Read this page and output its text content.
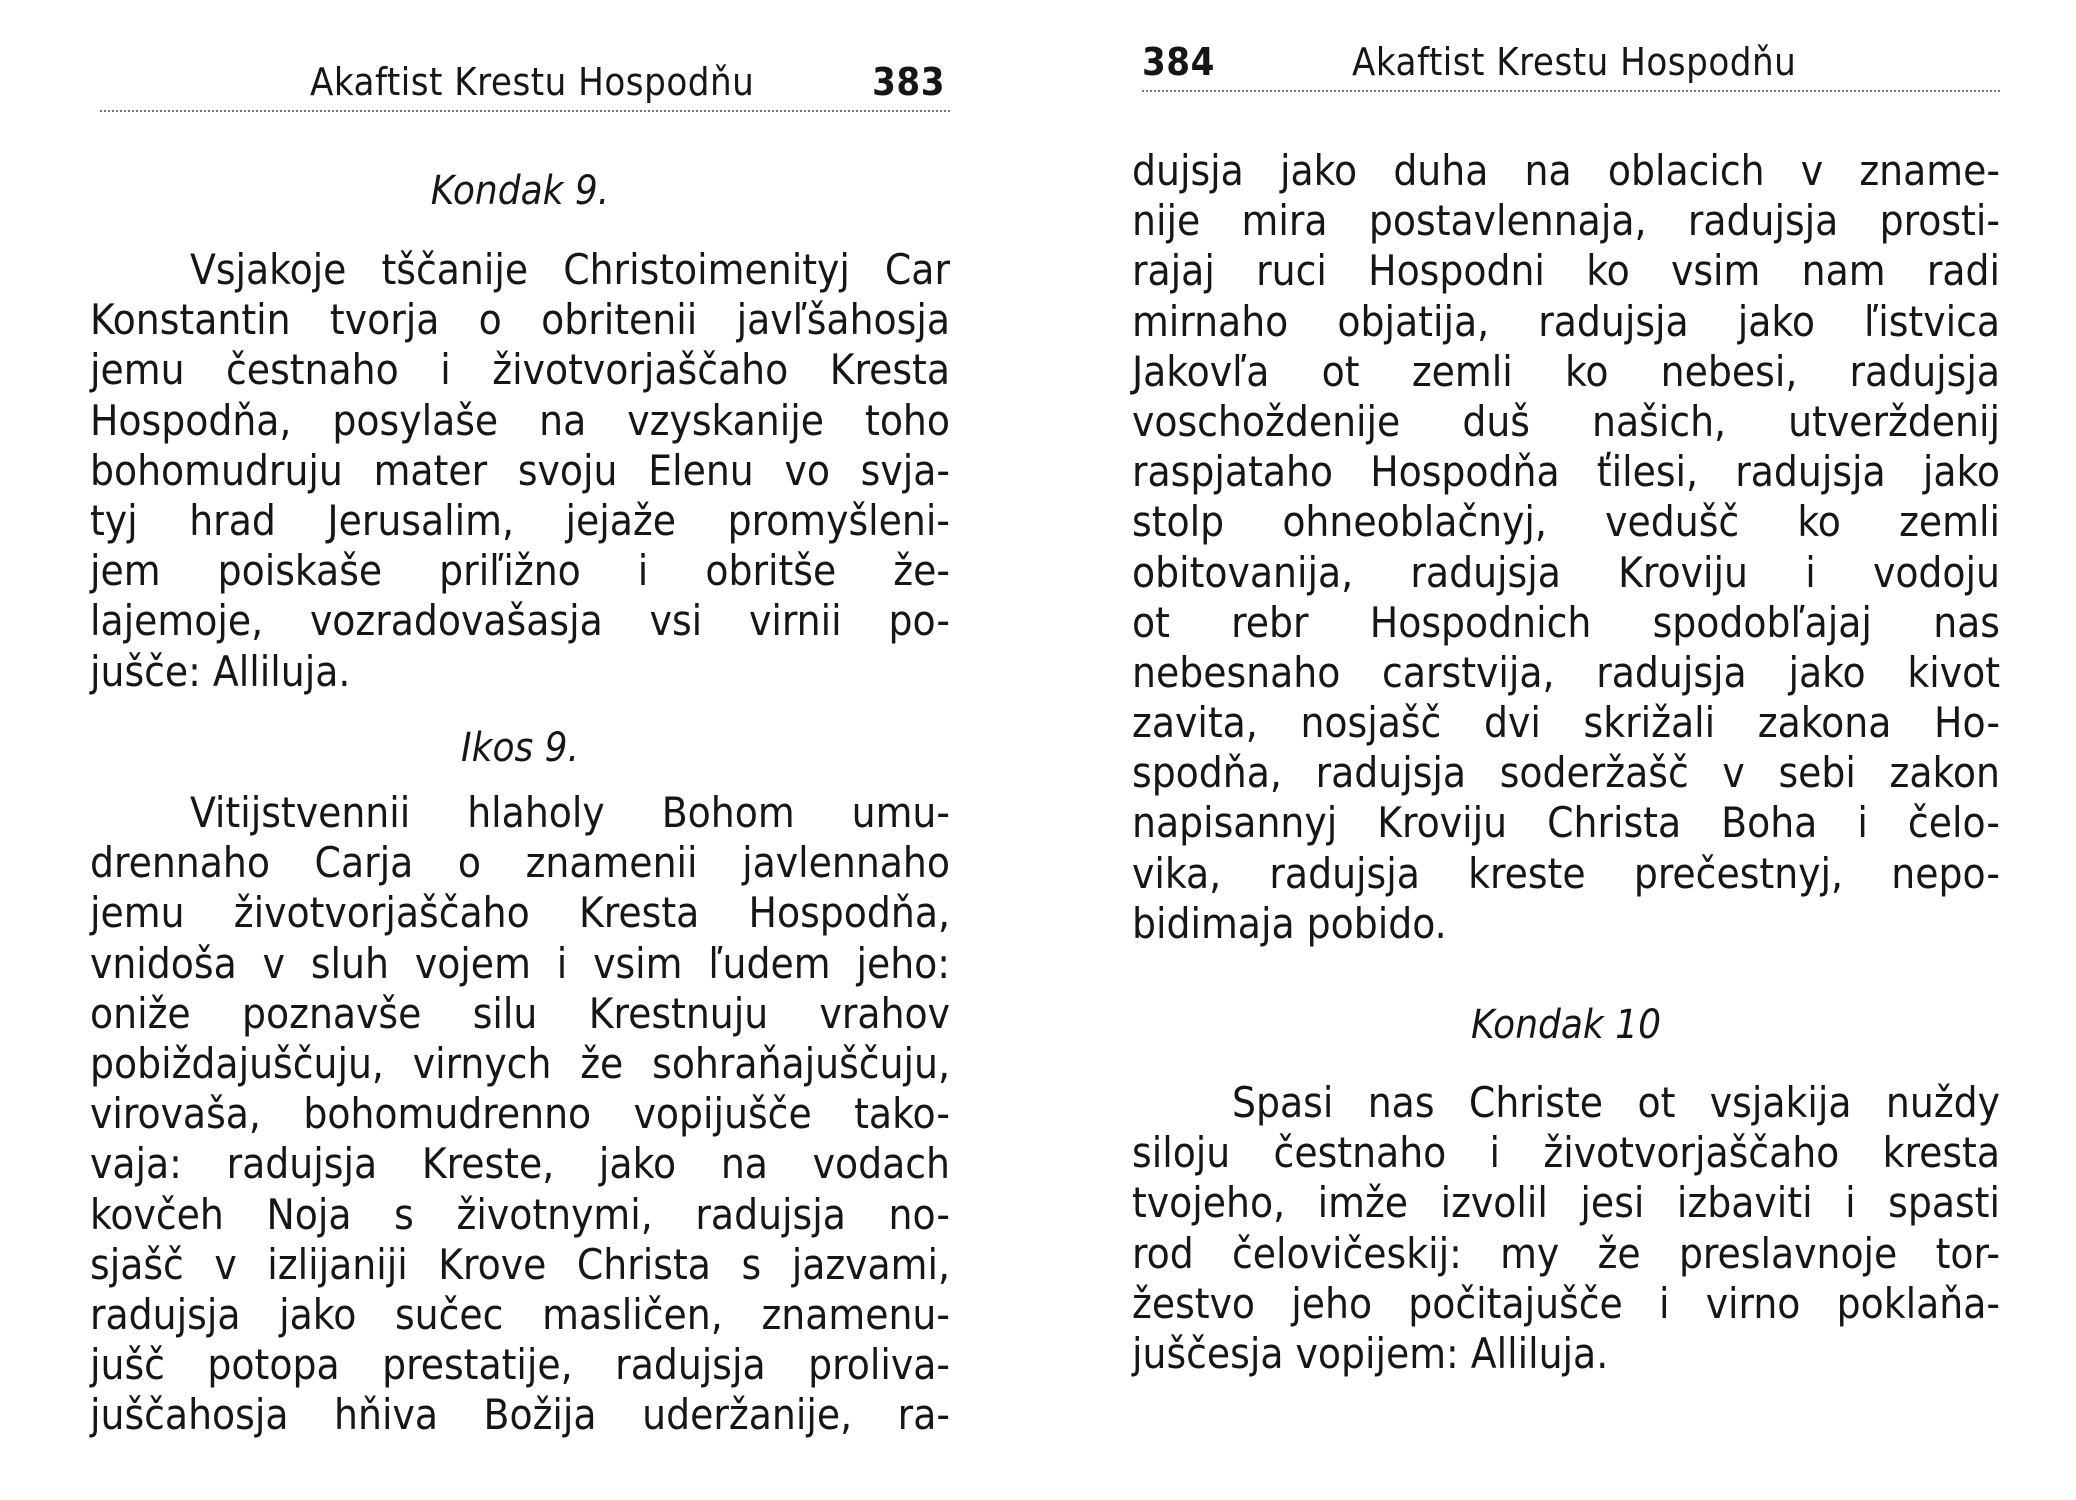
Akaftist Krestu Hospodňu	383
Kondak 9.
Vsjakoje tščanije Christoimenityj Car
Konstantin tvorja o obritenii javľšahosja
jemu čestnaho i životvorjaščaho Kresta
Hospodňa, posylaše na vzyskanije toho
bohomudruju mater svoju Elenu vo svja-
tyj hrad Jerusalim, jejaže promyšleni-
jem poiskaše priľižno i obritše že-
lajemoje, vozradovašasja vsi virnii po-
jušče: Alliluja.
Ikos 9.
Vitijstvennii hlaholy Bohom umu-
drennaho Carja o znamenii javlennaho
jemu životvorjaščaho Kresta Hospodňa,
vnidoša v sluh vojem i vsim ľudem jeho:
oniže poznavše silu Krestnuju vrahov
pobiždajuščuju, virnych že sohraňajuščuju,
virovaša, bohomudrenno vopijušče tako-
vaja: radujsja Kreste, jako na vodach
kovčeh Noja s životnymi, radujsja no-
sjašč v izlijaniji Krove Christa s jazvami,
radujsja jako sučec masličen, znamenu-
jušč potopa prestatije, radujsja proliva-
juščahosja hňiva Božija uderžanije, ra-
384	Akaftist Krestu Hospodňu
dujsja jako duha na oblacich v zname-
nije mira postavlennaja, radujsja prosti-
rajaj ruci Hospodni ko vsim nam radi
mirnaho objatija, radujsja jako ľistvica
Jakovľa ot zemli ko nebesi, radujsja
voschoždenije duš našich, utverždenij
raspjataho Hospodňa ťilesi, radujsja jako
stolp ohneoblačnyj, vedušč ko zemli
obitovanija, radujsja Kroviju i vodoju
ot rebr Hospodnich spodobľajaj nas
nebesnaho carstvija, radujsja jako kivot
zavita, nosjašč dvi skrižali zakona Ho-
spodňa, radujsja soderžašč v sebi zakon
napisannyj Kroviju Christa Boha i čelo-
vika, radujsja kreste prečestnyj, nepo-
bidimaja pobido.
Kondak 10
Spasi nas Christe ot vsjakija nuždy
siloju čestnaho i životvorjaščaho kresta
tvojeho, imže izvolil jesi izbaviti i spasti
rod čelovičeskij: my že preslavnoje tor-
žestvo jeho počitajušče i virno poklaňa-
juščesja vopijem: Alliluja.
